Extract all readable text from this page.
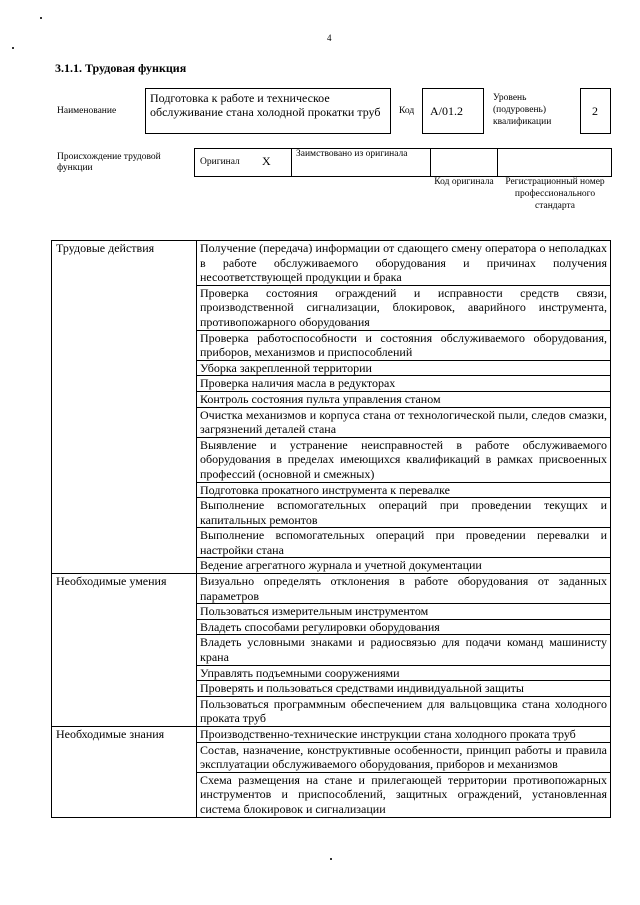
4
3.1.1. Трудовая функция
Наименование
Подготовка к работе и техническое обслуживание стана холодной прокатки труб	Код А/01.2
Уровень (подуровень) квалификации
2
Происхождение трудовой функции
Оригинал Х	Заимствовано из оригинала
Код оригинала	Регистрационный номер профессионального стандарта
Трудовые действия	Получение (передача) информации от сдающего смену оператора о неполадках в работе обслуживаемого оборудования и причинах получения несоответствующей продукции и брака
	Проверка состояния ограждений и исправности средств связи, производственной сигнализации, блокировок, аварийного инструмента, противопожарного оборудования
	Проверка работоспособности и состояния обслуживаемого оборудования, приборов, механизмов и приспособлений
	Уборка закрепленной территории
	Проверка наличия масла в редукторах
	Контроль состояния пульта управления станом
	Очистка механизмов и корпуса стана от технологической пыли, следов смазки, загрязнений деталей стана
	Выявление и устранение неисправностей в работе обслуживаемого оборудования в пределах имеющихся квалификаций в рамках присвоенных профессий (основной и смежных)
	Подготовка прокатного инструмента к перевалке
	Выполнение вспомогательных операций при проведении текущих и капитальных ремонтов
	Выполнение вспомогательных операций при проведении перевалки и настройки стана
	Ведение агрегатного журнала и учетной документации
Необходимые умения	Визуально определять отклонения в работе оборудования от заданных параметров
	Пользоваться измерительным инструментом
	Владеть способами регулировки оборудования
	Владеть условными знаками и радиосвязью для подачи команд машинисту крана
	Управлять подъемными сооружениями
	Проверять и пользоваться средствами индивидуальной защиты
	Пользоваться программным обеспечением для вальцовщика стана холодного проката труб
Необходимые знания	Производственно-технические инструкции стана холодного проката труб
	Состав, назначение, конструктивные особенности, принцип работы и правила эксплуатации обслуживаемого оборудования, приборов и механизмов
	Схема размещения на стане и прилегающей территории противопожарных инструментов и приспособлений, защитных ограждений, установленная система блокировок и сигнализации
